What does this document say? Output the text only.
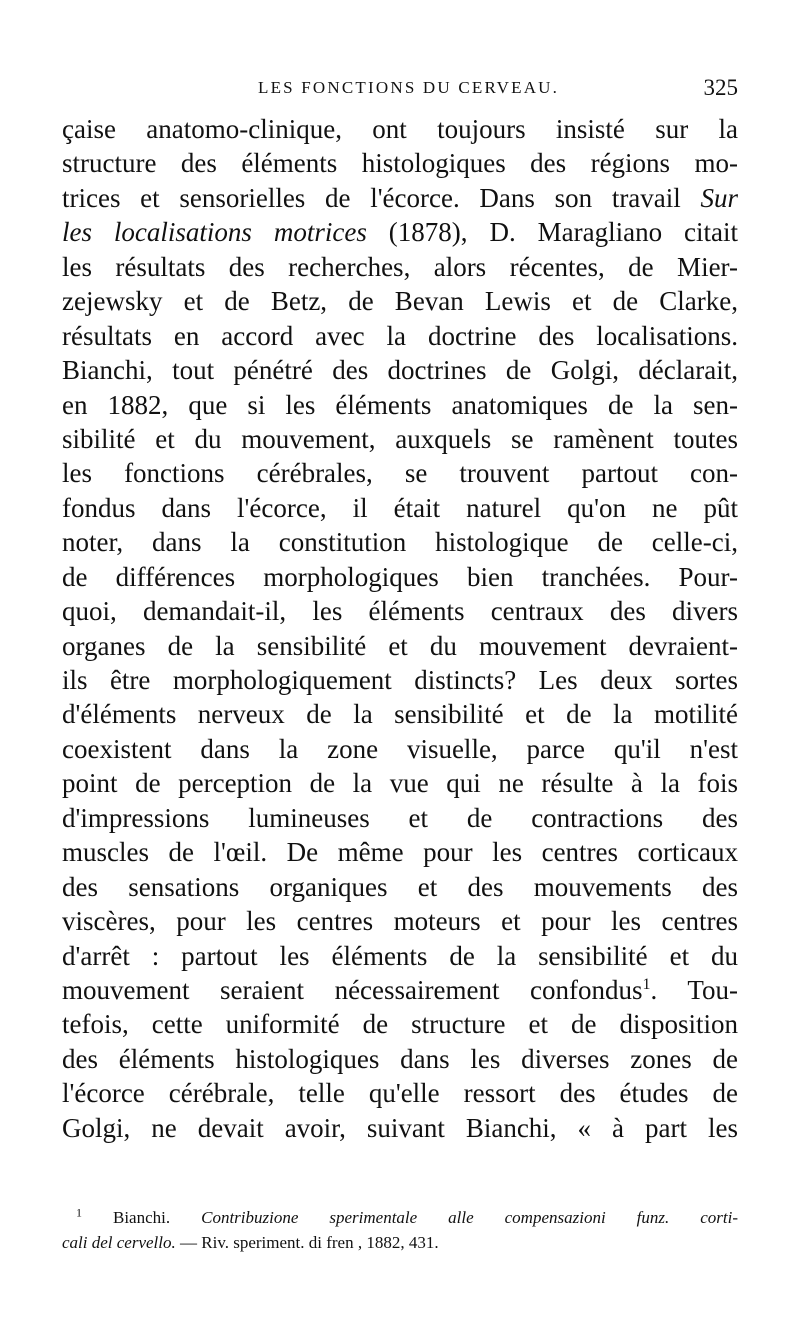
LES FONCTIONS DU CERVEAU.	325
çaise anatomo-clinique, ont toujours insisté sur la
structure des éléments histologiques des régions mo-
trices et sensorielles de l'écorce. Dans son travail Sur
les localisations motrices (1878), D. Maragliano citait
les résultats des recherches, alors récentes, de Mier-
zejewsky et de Betz, de Bevan Lewis et de Clarke,
résultats en accord avec la doctrine des localisations.
Bianchi, tout pénétré des doctrines de Golgi, déclarait,
en 1882, que si les éléments anatomiques de la sen-
sibilité et du mouvement, auxquels se ramènent toutes
les fonctions cérébrales, se trouvent partout con-
fondus dans l'écorce, il était naturel qu'on ne pût
noter, dans la constitution histologique de celle-ci,
de différences morphologiques bien tranchées. Pour-
quoi, demandait-il, les éléments centraux des divers
organes de la sensibilité et du mouvement devraient-
ils être morphologiquement distincts? Les deux sortes
d'éléments nerveux de la sensibilité et de la motilité
coexistent dans la zone visuelle, parce qu'il n'est
point de perception de la vue qui ne résulte à la fois
d'impressions lumineuses et de contractions des
muscles de l'œil. De même pour les centres corticaux
des sensations organiques et des mouvements des
viscères, pour les centres moteurs et pour les centres
d'arrêt : partout les éléments de la sensibilité et du
mouvement seraient nécessairement confondus$^1$. Tou-
tefois, cette uniformité de structure et de disposition
des éléments histologiques dans les diverses zones de
l'écorce cérébrale, telle qu'elle ressort des études de
Golgi, ne devait avoir, suivant Bianchi, « à part les
$^1$ Bianchi. Contribuzione sperimentale alle compensazioni funz. corti-
cali del cervello. — Riv. speriment. di fren , 1882, 431.
